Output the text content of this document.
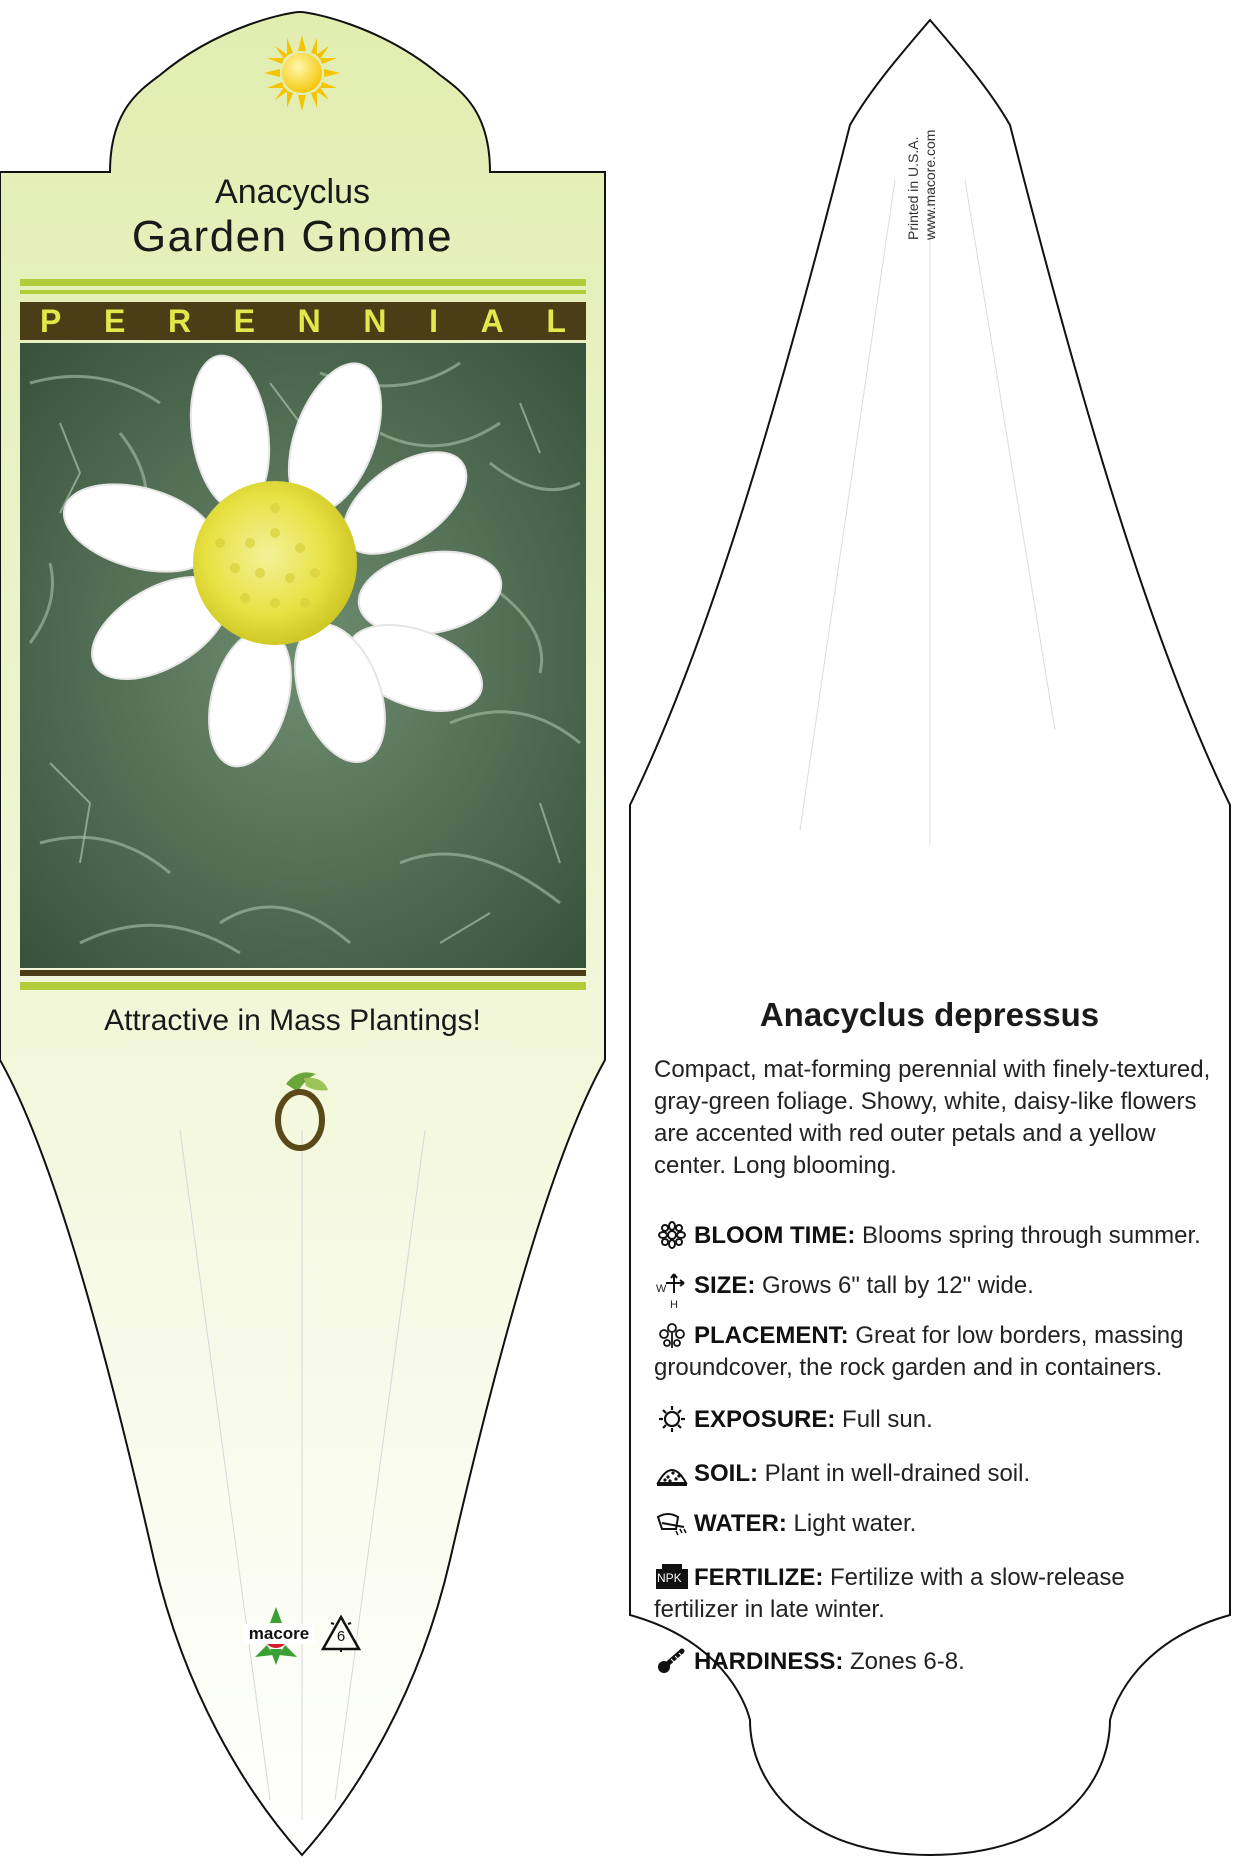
Anacyclus
Garden Gnome
P E R E N N I A L
Attractive in Mass Plantings!
macore	6
Printed in U.S.A.
www.macore.com
Anacyclus depressus
Compact, mat-forming perennial with finely-textured, gray-green foliage. Showy, white, daisy-like flowers are accented with red outer petals and a yellow center. Long blooming.
BLOOM TIME: Blooms spring through summer.
W
H
SIZE: Grows 6" tall by 12" wide.
PLACEMENT: Great for low borders, massing groundcover, the rock garden and in containers.
EXPOSURE: Full sun.
SOIL: Plant in well-drained soil.
WATER: Light water.
NPK FERTILIZE: Fertilize with a slow-release fertilizer in late winter.
HARDINESS: Zones 6-8.
